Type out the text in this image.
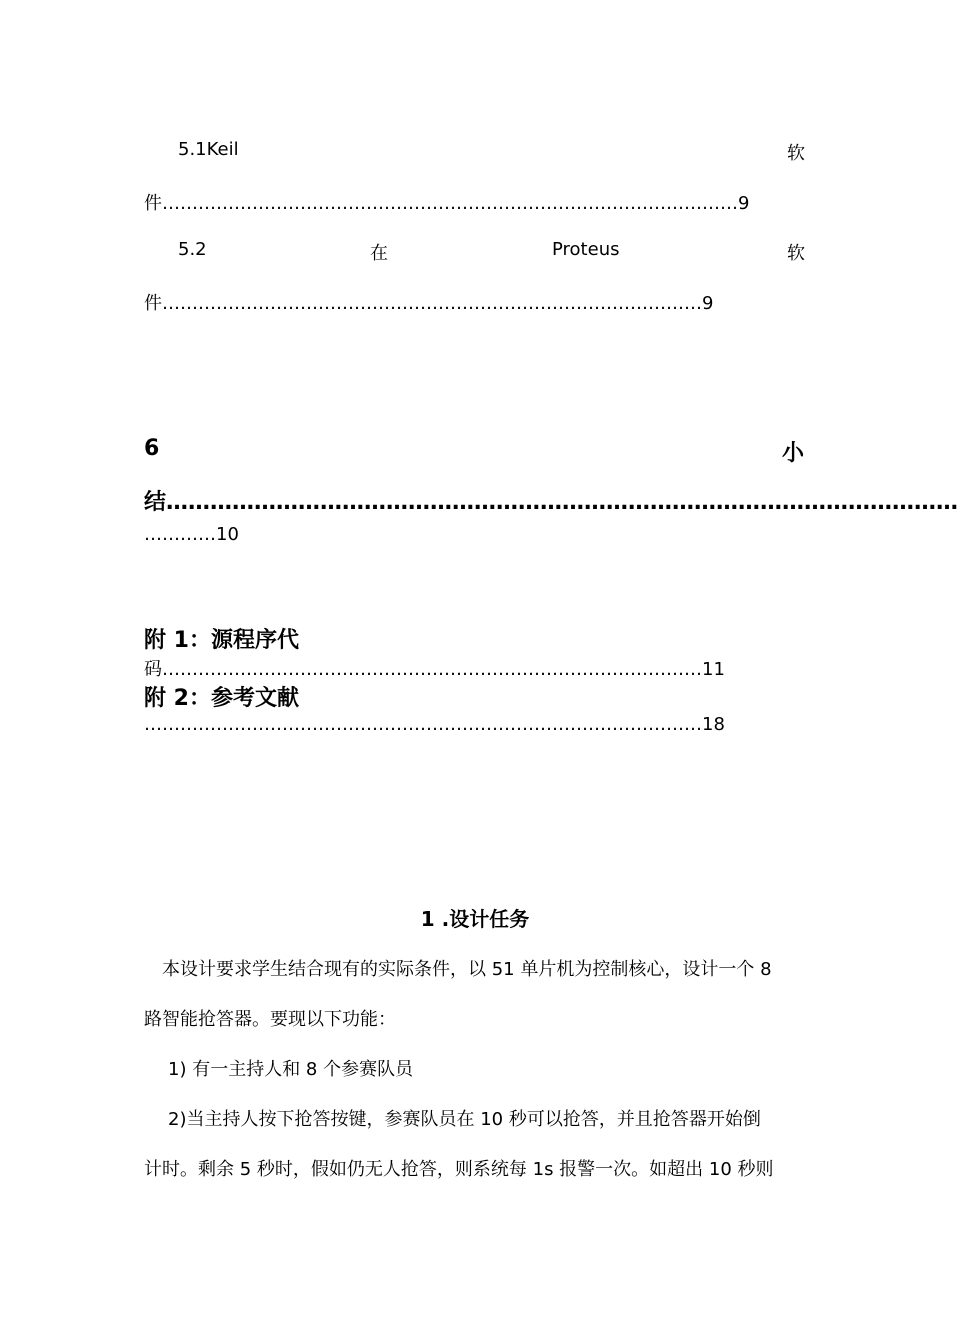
5.1Keil	软
件……………………………………………………………………………………9
5.2	在	Proteus	软
件………………………………………………………………………………9
6	小
结………………………………………………………………………………………………
…………10
附 1：源程序代
码………………………………………………………………………………11
附 2：参考文献
…………………………………………………………………………………18
1 .设计任务
本设计要求学生结合现有的实际条件，以 51 单片机为控制核心，设计一个 8
路智能抢答器。要现以下功能：
1) 有一主持人和 8 个参赛队员
2)当主持人按下抢答按键，参赛队员在 10 秒可以抢答，并且抢答器开始倒
计时。剩余 5 秒时，假如仍无人抢答，则系统每 1s 报警一次。如超出 10 秒则
